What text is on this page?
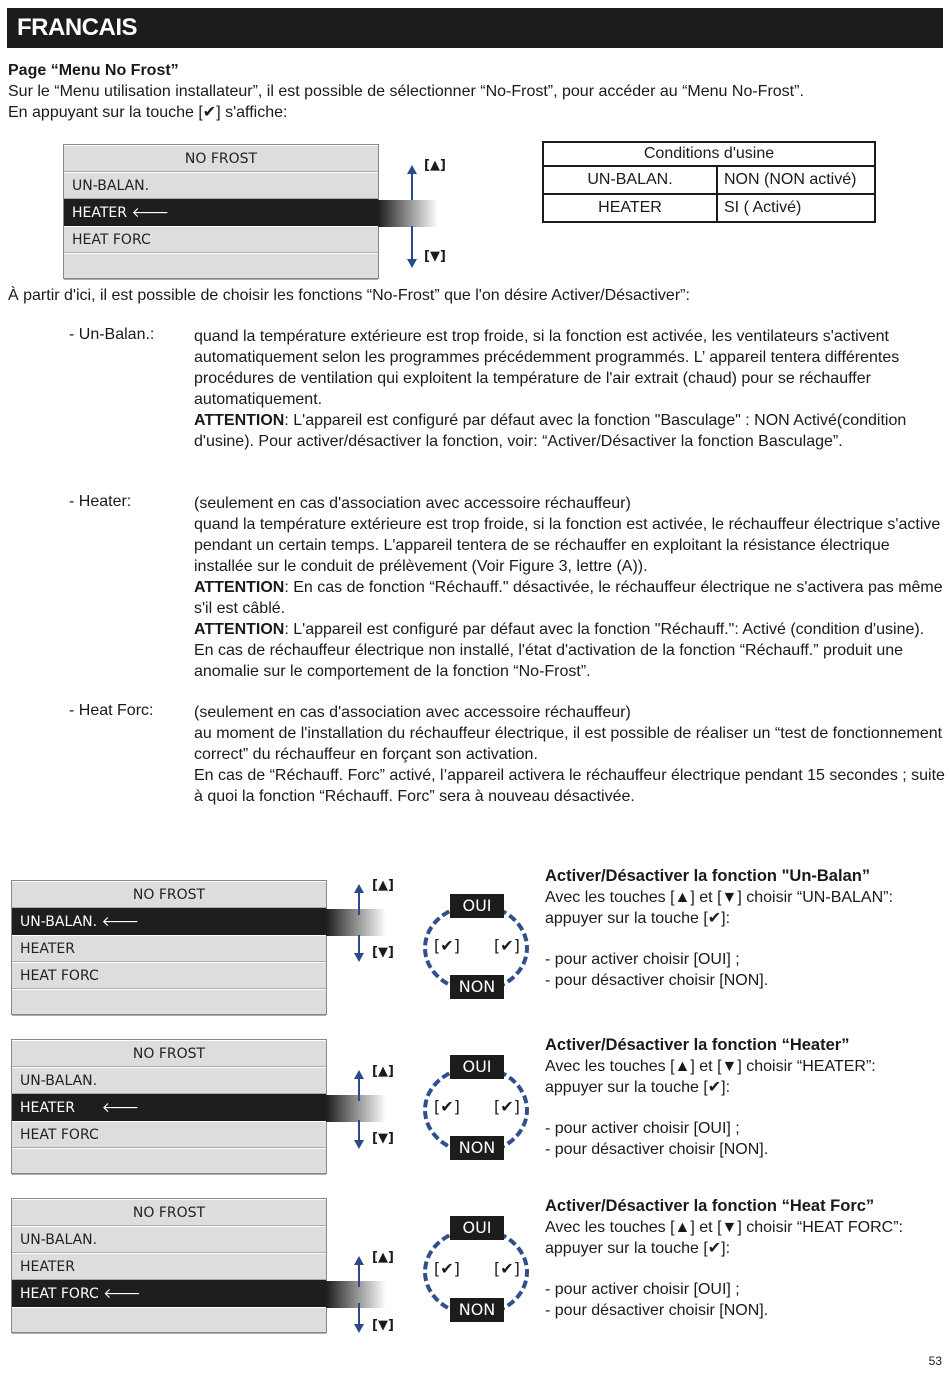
FRANCAIS

Page “Menu No Frost”

Sur le “Menu utilisation installateur”, il est possible de sélectionner “No-Frost”, pour accéder au “Menu No-Frost”.

En appuyant sur la touche [✔] s'affiche:

NO FROST
UN-BALAN.
HEATER 🡐
HEAT FORC
[▲]
[▼]
Conditions d'usine	
UN-BALAN.	NON (NON activé)
HEATER	SI ( Activé)

À partir d'ici, il est possible de choisir les fonctions “No-Frost” que l'on désire Activer/Désactiver”:

- Un-Balan.: quand la température extérieure est trop froide, si la fonction est activée, les ventilateurs s'activent automatiquement selon les programmes précédemment programmés. L’ appareil tentera différentes procédures de ventilation qui exploitent la température de l'air extrait (chaud) pour se réchauffer automatiquement.
ATTENTION: L'appareil est configuré par défaut avec la fonction "Basculage" : NON Activé(condition d'usine). Pour activer/désactiver la fonction, voir: “Activer/Désactiver la fonction Basculage”.
- Heater:	(seulement en cas d'association avec accessoire réchauffeur)
quand la température extérieure est trop froide, si la fonction est activée, le réchauffeur électrique s'active pendant un certain temps. L'appareil tentera de se réchauffer en exploitant la résistance électrique installée sur le conduit de prélèvement (Voir Figure 3, lettre (A)).
ATTENTION: En cas de fonction “Réchauff." désactivée, le réchauffeur électrique ne s'activera pas même s'il est câblé.
ATTENTION: L'appareil est configuré par défaut avec la fonction "Réchauff.": Activé (condition d'usine). En cas de réchauffeur électrique non installé, l'état d'activation de la fonction “Réchauff.” produit une anomalie sur le comportement de la fonction “No-Frost”.
- Heat Forc:	(seulement en cas d'association avec accessoire réchauffeur)
au moment de l'installation du réchauffeur électrique, il est possible de réaliser un “test de fonctionnement correct” du réchauffeur en forçant son activation.
En cas de “Réchauff. Forc” activé, l’appareil activera le réchauffeur électrique pendant 15 secondes ; suite à quoi la fonction “Réchauff. Forc” sera à nouveau désactivée.
NO FROST
UN-BALAN. 🡐
HEATER
HEAT FORC
[▲]
[▼]
OUI
NON
[✔] [✔]
Activer/Désactiver la fonction "Un-Balan”
Avec les touches [▲] et [▼] choisir “UN-BALAN”:
appuyer sur la touche [✔]:
- pour activer choisir [OUI] ;
- pour désactiver choisir [NON].
NO FROST
UN-BALAN.
HEATER 🡐
HEAT FORC
[▲]
[▼]
OUI
NON
[✔] [✔]
Activer/Désactiver la fonction “Heater”
Avec les touches [▲] et [▼] choisir “HEATER”:
appuyer sur la touche [✔]:
- pour activer choisir [OUI] ;
- pour désactiver choisir [NON].
NO FROST
UN-BALAN.
HEATER
HEAT FORC 🡐
[▲]
[▼]
OUI
NON
[✔] [✔]
Activer/Désactiver la fonction “Heat Forc”
Avec les touches [▲] et [▼] choisir “HEAT FORC”:
appuyer sur la touche [✔]:
- pour activer choisir [OUI] ;
- pour désactiver choisir [NON].
53
